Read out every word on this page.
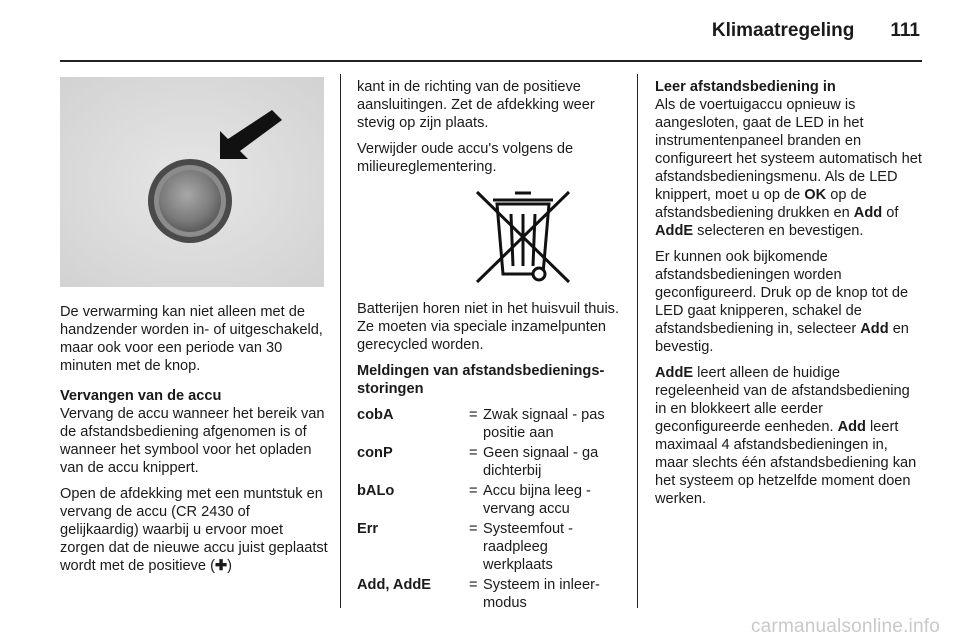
Klimaatregeling 111

De verwarming kan niet alleen met de handzender worden in- of uitgeschakeld, maar ook voor een periode van 30 minuten met de knop.

Vervangen van de accu

Vervang de accu wanneer het bereik van de afstandsbediening afgenomen is of wanneer het symbool voor het opladen van de accu knippert.

Open de afdekking met een muntstuk en vervang de accu (CR 2430 of gelijkaardig) waarbij u ervoor moet zorgen dat de nieuwe accu juist geplaatst wordt met de positieve (✚)

kant in de richting van de positieve aansluitingen. Zet de afdekking weer stevig op zijn plaats.

Verwijder oude accu's volgens de milieureglementering.

Batterijen horen niet in het huisvuil thuis. Ze moeten via speciale inzamelpunten gerecycled worden.

Meldingen van afstandsbedieningsstoringen

cobA	= Zwak signaal - pas positie aan
conP	= Geen signaal - ga dichterbij
bALo	= Accu bijna leeg - vervang accu
Err	= Systeemfout - raadpleeg werkplaats
Add, AddE	= Systeem in inleermodus

Leer afstandsbediening in

Als de voertuigaccu opnieuw is aangesloten, gaat de LED in het instrumentenpaneel branden en configureert het systeem automatisch het afstandsbedieningsmenu. Als de LED knippert, moet u op de OK op de afstandsbediening drukken en Add of AddE selecteren en bevestigen.

Er kunnen ook bijkomende afstandsbedieningen worden geconfigureerd. Druk op de knop tot de LED gaat knipperen, schakel de afstandsbediening in, selecteer Add en bevestig.

AddE leert alleen de huidige regeleenheid van de afstandsbediening in en blokkeert alle eerder geconfigureerde eenheden. Add leert maximaal 4 afstandsbedieningen in, maar slechts één afstandsbediening kan het systeem op hetzelfde moment doen werken.

carmanualsonline.info
